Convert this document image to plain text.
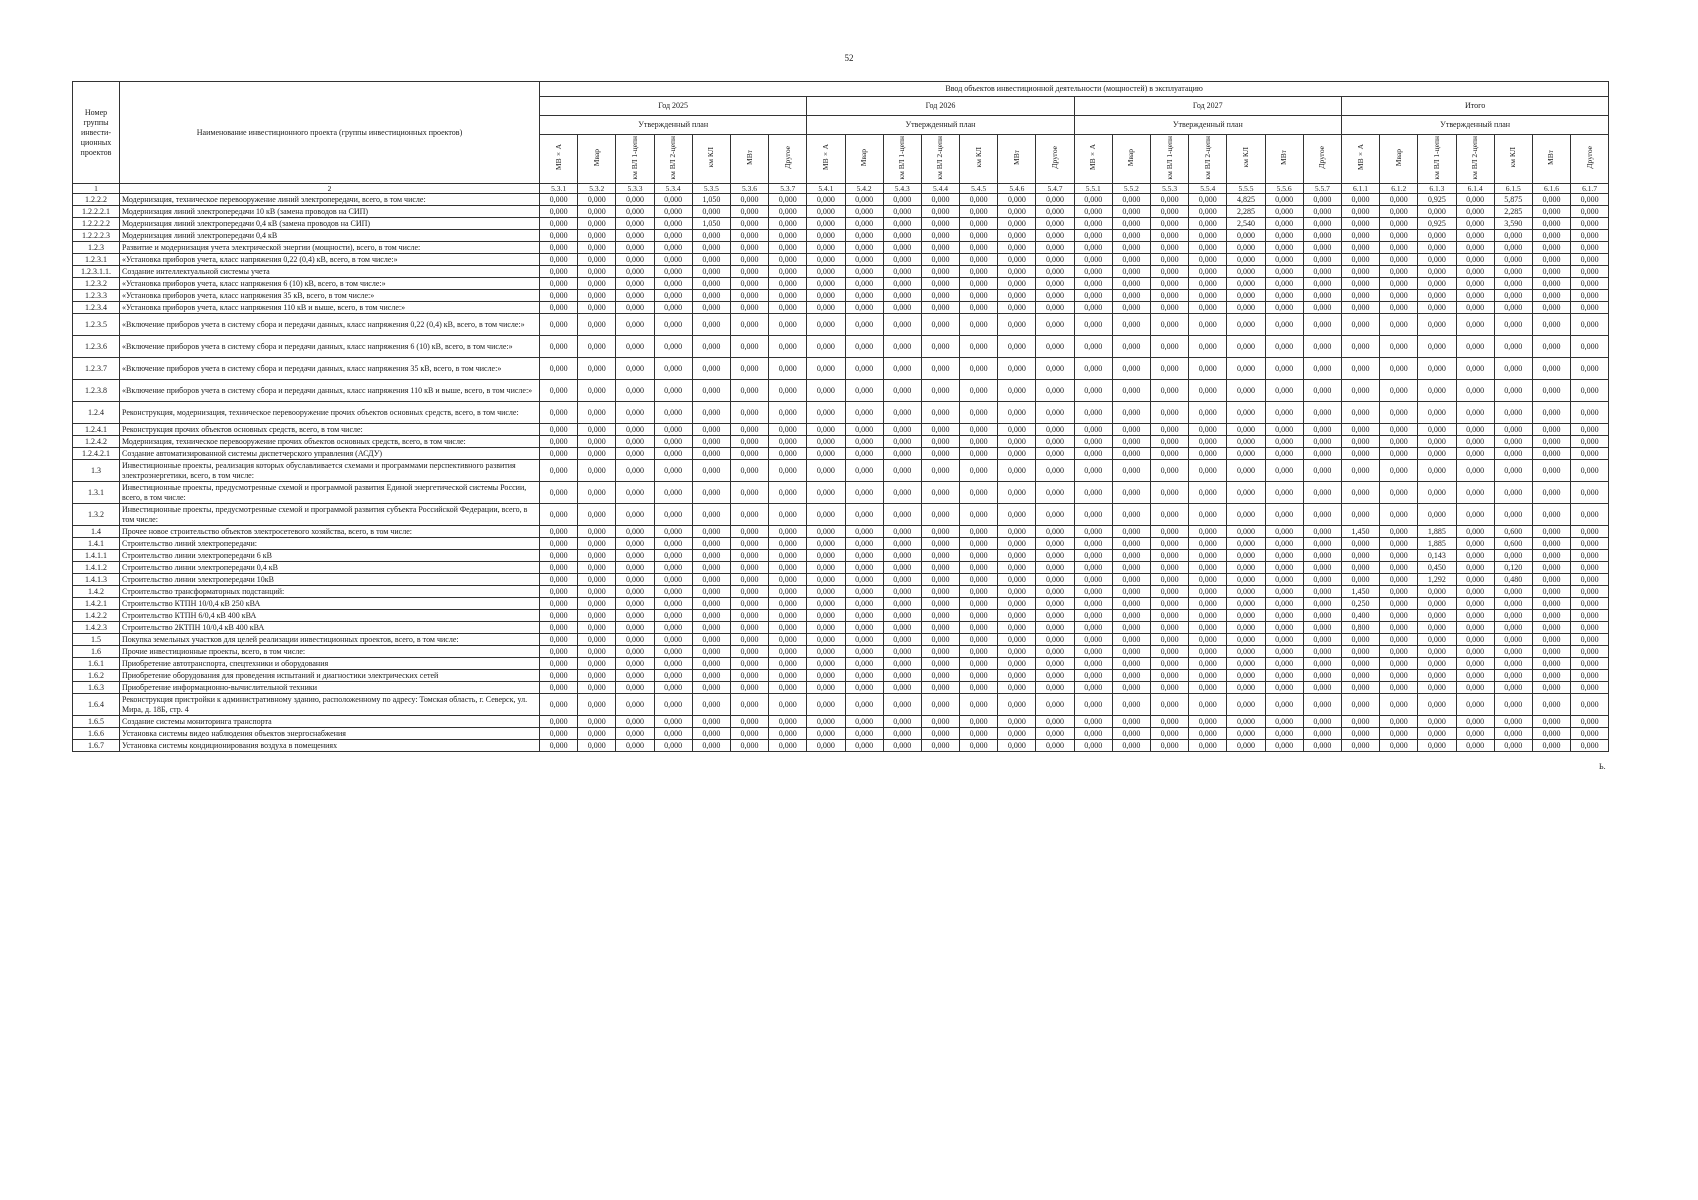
52
Номер группы инвести-ционных проектов	Наименование инвестиционного проекта (группы инвестиционных проектов)	Ввод объектов инвестиционной деятельности (мощностей) в эксплуатацию																											
		Год 2025							Год 2026							Год 2027							Итого						
		Утвержденный план							Утвержденный план							Утвержденный план							Утвержденный план						
		МВ×А	Мвар	км ВЛ 1-цепн	км ВЛ 2-цепн	км КЛ	МВт	Другое	МВ×А	Мвар	км ВЛ 1-цепн	км ВЛ 2-цепн	км КЛ	МВт	Другое	МВ×А	Мвар	км ВЛ 1-цепн	км ВЛ 2-цепн	км КЛ	МВт	Другое	МВ×А	Мвар	км ВЛ 1-цепн	км ВЛ 2-цепн	км КЛ	МВт	Другое
1	2	5.3.1	5.3.2	5.3.3	5.3.4	5.3.5	5.3.6	5.3.7	5.4.1	5.4.2	5.4.3	5.4.4	5.4.5	5.4.6	5.4.7	5.5.1	5.5.2	5.5.3	5.5.4	5.5.5	5.5.6	5.5.7	6.1.1	6.1.2	6.1.3	6.1.4	6.1.5	6.1.6	6.1.7
1.2.2.2	Модернизация, техническое перевооружение линий электропередачи, всего, в том числе:	0,000	0,000	0,000	0,000	1,050	0,000	0,000	0,000	0,000	0,000	0,000	0,000	0,000	0,000	0,000	0,000	0,000	0,000	4,825	0,000	0,000	0,000	0,000	0,925	0,000	5,875	0,000	0,000
1.2.2.2.1	Модернизация линий электропередачи 10 кВ (замена проводов на СИП)	0,000	0,000	0,000	0,000	0,000	0,000	0,000	0,000	0,000	0,000	0,000	0,000	0,000	0,000	0,000	0,000	0,000	0,000	2,285	0,000	0,000	0,000	0,000	0,000	0,000	2,285	0,000	0,000
1.2.2.2.2	Модернизация линий электропередачи 0,4 кВ (замена проводов на СИП)	0,000	0,000	0,000	0,000	1,050	0,000	0,000	0,000	0,000	0,000	0,000	0,000	0,000	0,000	0,000	0,000	0,000	0,000	2,540	0,000	0,000	0,000	0,000	0,925	0,000	3,590	0,000	0,000
1.2.2.2.3	Модернизация линий электропередачи 0,4 кВ	0,000	0,000	0,000	0,000	0,000	0,000	0,000	0,000	0,000	0,000	0,000	0,000	0,000	0,000	0,000	0,000	0,000	0,000	0,000	0,000	0,000	0,000	0,000	0,000	0,000	0,000	0,000	0,000
1.2.3	Развитие и модернизация учета электрической энергии (мощности), всего, в том числе:	0,000	0,000	0,000	0,000	0,000	0,000	0,000	0,000	0,000	0,000	0,000	0,000	0,000	0,000	0,000	0,000	0,000	0,000	0,000	0,000	0,000	0,000	0,000	0,000	0,000	0,000	0,000	0,000
1.2.3.1	«Установка приборов учета, класс напряжения 0,22 (0,4) кВ, всего, в том числе:»	0,000	0,000	0,000	0,000	0,000	0,000	0,000	0,000	0,000	0,000	0,000	0,000	0,000	0,000	0,000	0,000	0,000	0,000	0,000	0,000	0,000	0,000	0,000	0,000	0,000	0,000	0,000	0,000
1.2.3.1.1.	Создание интеллектуальной системы учета	0,000	0,000	0,000	0,000	0,000	0,000	0,000	0,000	0,000	0,000	0,000	0,000	0,000	0,000	0,000	0,000	0,000	0,000	0,000	0,000	0,000	0,000	0,000	0,000	0,000	0,000	0,000	0,000
1.2.3.2	«Установка приборов учета, класс напряжения 6 (10) кВ, всего, в том числе:»	0,000	0,000	0,000	0,000	0,000	0,000	0,000	0,000	0,000	0,000	0,000	0,000	0,000	0,000	0,000	0,000	0,000	0,000	0,000	0,000	0,000	0,000	0,000	0,000	0,000	0,000	0,000	0,000
1.2.3.3	«Установка приборов учета, класс напряжения 35 кВ, всего, в том числе:»	0,000	0,000	0,000	0,000	0,000	0,000	0,000	0,000	0,000	0,000	0,000	0,000	0,000	0,000	0,000	0,000	0,000	0,000	0,000	0,000	0,000	0,000	0,000	0,000	0,000	0,000	0,000	0,000
1.2.3.4	«Установка приборов учета, класс напряжения 110 кВ и выше, всего, в том числе:»	0,000	0,000	0,000	0,000	0,000	0,000	0,000	0,000	0,000	0,000	0,000	0,000	0,000	0,000	0,000	0,000	0,000	0,000	0,000	0,000	0,000	0,000	0,000	0,000	0,000	0,000	0,000	0,000
1.2.3.5	«Включение приборов учета в систему сбора и передачи данных, класс напряжения 0,22 (0,4) кВ, всего, в том числе:»	0,000	0,000	0,000	0,000	0,000	0,000	0,000	0,000	0,000	0,000	0,000	0,000	0,000	0,000	0,000	0,000	0,000	0,000	0,000	0,000	0,000	0,000	0,000	0,000	0,000	0,000	0,000	0,000
1.2.3.6	«Включение приборов учета в систему сбора и передачи данных, класс напряжения 6 (10) кВ, всего, в том числе:»	0,000	0,000	0,000	0,000	0,000	0,000	0,000	0,000	0,000	0,000	0,000	0,000	0,000	0,000	0,000	0,000	0,000	0,000	0,000	0,000	0,000	0,000	0,000	0,000	0,000	0,000	0,000	0,000
1.2.3.7	«Включение приборов учета в систему сбора и передачи данных, класс напряжения 35 кВ, всего, в том числе:»	0,000	0,000	0,000	0,000	0,000	0,000	0,000	0,000	0,000	0,000	0,000	0,000	0,000	0,000	0,000	0,000	0,000	0,000	0,000	0,000	0,000	0,000	0,000	0,000	0,000	0,000	0,000	0,000
1.2.3.8	«Включение приборов учета в систему сбора и передачи данных, класс напряжения 110 кВ и выше, всего, в том числе:»	0,000	0,000	0,000	0,000	0,000	0,000	0,000	0,000	0,000	0,000	0,000	0,000	0,000	0,000	0,000	0,000	0,000	0,000	0,000	0,000	0,000	0,000	0,000	0,000	0,000	0,000	0,000	0,000
1.2.4	Реконструкция, модернизация, техническое перевооружение прочих объектов основных средств, всего, в том числе:	0,000	0,000	0,000	0,000	0,000	0,000	0,000	0,000	0,000	0,000	0,000	0,000	0,000	0,000	0,000	0,000	0,000	0,000	0,000	0,000	0,000	0,000	0,000	0,000	0,000	0,000	0,000	0,000
1.2.4.1	Реконструкция прочих объектов основных средств, всего, в том числе:	0,000	0,000	0,000	0,000	0,000	0,000	0,000	0,000	0,000	0,000	0,000	0,000	0,000	0,000	0,000	0,000	0,000	0,000	0,000	0,000	0,000	0,000	0,000	0,000	0,000	0,000	0,000	0,000
1.2.4.2	Модернизация, техническое перевооружение прочих объектов основных средств, всего, в том числе:	0,000	0,000	0,000	0,000	0,000	0,000	0,000	0,000	0,000	0,000	0,000	0,000	0,000	0,000	0,000	0,000	0,000	0,000	0,000	0,000	0,000	0,000	0,000	0,000	0,000	0,000	0,000	0,000
1.2.4.2.1	Создание автоматизированной системы диспетчерского управления (АСДУ)	0,000	0,000	0,000	0,000	0,000	0,000	0,000	0,000	0,000	0,000	0,000	0,000	0,000	0,000	0,000	0,000	0,000	0,000	0,000	0,000	0,000	0,000	0,000	0,000	0,000	0,000	0,000	0,000
1.3	Инвестиционные проекты, реализация которых обуславливается схемами и программами перспективного развития электроэнергетики, всего, в том числе:	0,000	0,000	0,000	0,000	0,000	0,000	0,000	0,000	0,000	0,000	0,000	0,000	0,000	0,000	0,000	0,000	0,000	0,000	0,000	0,000	0,000	0,000	0,000	0,000	0,000	0,000	0,000	0,000
1.3.1	Инвестиционные проекты, предусмотренные схемой и программой развития Единой энергетической системы России, всего, в том числе:	0,000	0,000	0,000	0,000	0,000	0,000	0,000	0,000	0,000	0,000	0,000	0,000	0,000	0,000	0,000	0,000	0,000	0,000	0,000	0,000	0,000	0,000	0,000	0,000	0,000	0,000	0,000	0,000
1.3.2	Инвестиционные проекты, предусмотренные схемой и программой развития субъекта Российской Федерации, всего, в том числе:	0,000	0,000	0,000	0,000	0,000	0,000	0,000	0,000	0,000	0,000	0,000	0,000	0,000	0,000	0,000	0,000	0,000	0,000	0,000	0,000	0,000	0,000	0,000	0,000	0,000	0,000	0,000	0,000
1.4	Прочее новое строительство объектов электросетевого хозяйства, всего, в том числе:	0,000	0,000	0,000	0,000	0,000	0,000	0,000	0,000	0,000	0,000	0,000	0,000	0,000	0,000	0,000	0,000	0,000	0,000	0,000	0,000	0,000	1,450	0,000	1,885	0,000	0,600	0,000	0,000
1.4.1	Строительство линий электропередачи:	0,000	0,000	0,000	0,000	0,000	0,000	0,000	0,000	0,000	0,000	0,000	0,000	0,000	0,000	0,000	0,000	0,000	0,000	0,000	0,000	0,000	0,000	0,000	1,885	0,000	0,600	0,000	0,000
1.4.1.1	Строительство линии электропередачи 6 кВ	0,000	0,000	0,000	0,000	0,000	0,000	0,000	0,000	0,000	0,000	0,000	0,000	0,000	0,000	0,000	0,000	0,000	0,000	0,000	0,000	0,000	0,000	0,000	0,143	0,000	0,000	0,000	0,000
1.4.1.2	Строительство линии электропередачи 0,4 кВ	0,000	0,000	0,000	0,000	0,000	0,000	0,000	0,000	0,000	0,000	0,000	0,000	0,000	0,000	0,000	0,000	0,000	0,000	0,000	0,000	0,000	0,000	0,000	0,450	0,000	0,120	0,000	0,000
1.4.1.3	Строительство линии электропередачи 10кВ	0,000	0,000	0,000	0,000	0,000	0,000	0,000	0,000	0,000	0,000	0,000	0,000	0,000	0,000	0,000	0,000	0,000	0,000	0,000	0,000	0,000	0,000	0,000	1,292	0,000	0,480	0,000	0,000
1.4.2	Строительство трансформаторных подстанций:	0,000	0,000	0,000	0,000	0,000	0,000	0,000	0,000	0,000	0,000	0,000	0,000	0,000	0,000	0,000	0,000	0,000	0,000	0,000	0,000	0,000	1,450	0,000	0,000	0,000	0,000	0,000	0,000
1.4.2.1	Строительство КТПН 10/0,4 кВ 250 кВА	0,000	0,000	0,000	0,000	0,000	0,000	0,000	0,000	0,000	0,000	0,000	0,000	0,000	0,000	0,000	0,000	0,000	0,000	0,000	0,000	0,000	0,250	0,000	0,000	0,000	0,000	0,000	0,000
1.4.2.2	Строительство КТПН 6/0,4 кВ 400 кВА	0,000	0,000	0,000	0,000	0,000	0,000	0,000	0,000	0,000	0,000	0,000	0,000	0,000	0,000	0,000	0,000	0,000	0,000	0,000	0,000	0,000	0,400	0,000	0,000	0,000	0,000	0,000	0,000
1.4.2.3	Строительство 2КТПН 10/0,4 кВ 400 кВА	0,000	0,000	0,000	0,000	0,000	0,000	0,000	0,000	0,000	0,000	0,000	0,000	0,000	0,000	0,000	0,000	0,000	0,000	0,000	0,000	0,000	0,800	0,000	0,000	0,000	0,000	0,000	0,000
1.5	Покупка земельных участков для целей реализации инвестиционных проектов, всего, в том числе:	0,000	0,000	0,000	0,000	0,000	0,000	0,000	0,000	0,000	0,000	0,000	0,000	0,000	0,000	0,000	0,000	0,000	0,000	0,000	0,000	0,000	0,000	0,000	0,000	0,000	0,000	0,000	0,000
1.6	Прочие инвестиционные проекты, всего, в том числе:	0,000	0,000	0,000	0,000	0,000	0,000	0,000	0,000	0,000	0,000	0,000	0,000	0,000	0,000	0,000	0,000	0,000	0,000	0,000	0,000	0,000	0,000	0,000	0,000	0,000	0,000	0,000	0,000
1.6.1	Приобретение автотранспорта, спецтехники и оборудования	0,000	0,000	0,000	0,000	0,000	0,000	0,000	0,000	0,000	0,000	0,000	0,000	0,000	0,000	0,000	0,000	0,000	0,000	0,000	0,000	0,000	0,000	0,000	0,000	0,000	0,000	0,000	0,000
1.6.2	Приобретение оборудования для проведения испытаний и диагностики электрических сетей	0,000	0,000	0,000	0,000	0,000	0,000	0,000	0,000	0,000	0,000	0,000	0,000	0,000	0,000	0,000	0,000	0,000	0,000	0,000	0,000	0,000	0,000	0,000	0,000	0,000	0,000	0,000	0,000
1.6.3	Приобретение информационно-вычислительной техники	0,000	0,000	0,000	0,000	0,000	0,000	0,000	0,000	0,000	0,000	0,000	0,000	0,000	0,000	0,000	0,000	0,000	0,000	0,000	0,000	0,000	0,000	0,000	0,000	0,000	0,000	0,000	0,000
1.6.4	Реконструкция пристройки к административному зданию, расположенному по адресу: Томская область, г. Северск, ул. Мира, д. 18Б, стр. 4	0,000	0,000	0,000	0,000	0,000	0,000	0,000	0,000	0,000	0,000	0,000	0,000	0,000	0,000	0,000	0,000	0,000	0,000	0,000	0,000	0,000	0,000	0,000	0,000	0,000	0,000	0,000	0,000
1.6.5	Создание системы мониторинга транспорта	0,000	0,000	0,000	0,000	0,000	0,000	0,000	0,000	0,000	0,000	0,000	0,000	0,000	0,000	0,000	0,000	0,000	0,000	0,000	0,000	0,000	0,000	0,000	0,000	0,000	0,000	0,000	0,000
1.6.6	Установка системы видео наблюдения объектов энергоснабжения	0,000	0,000	0,000	0,000	0,000	0,000	0,000	0,000	0,000	0,000	0,000	0,000	0,000	0,000	0,000	0,000	0,000	0,000	0,000	0,000	0,000	0,000	0,000	0,000	0,000	0,000	0,000	0,000
1.6.7	Установка системы кондиционирования воздуха в помещениях	0,000	0,000	0,000	0,000	0,000	0,000	0,000	0,000	0,000	0,000	0,000	0,000	0,000	0,000	0,000	0,000	0,000	0,000	0,000	0,000	0,000	0,000	0,000	0,000	0,000	0,000	0,000	0,000
Ь.
